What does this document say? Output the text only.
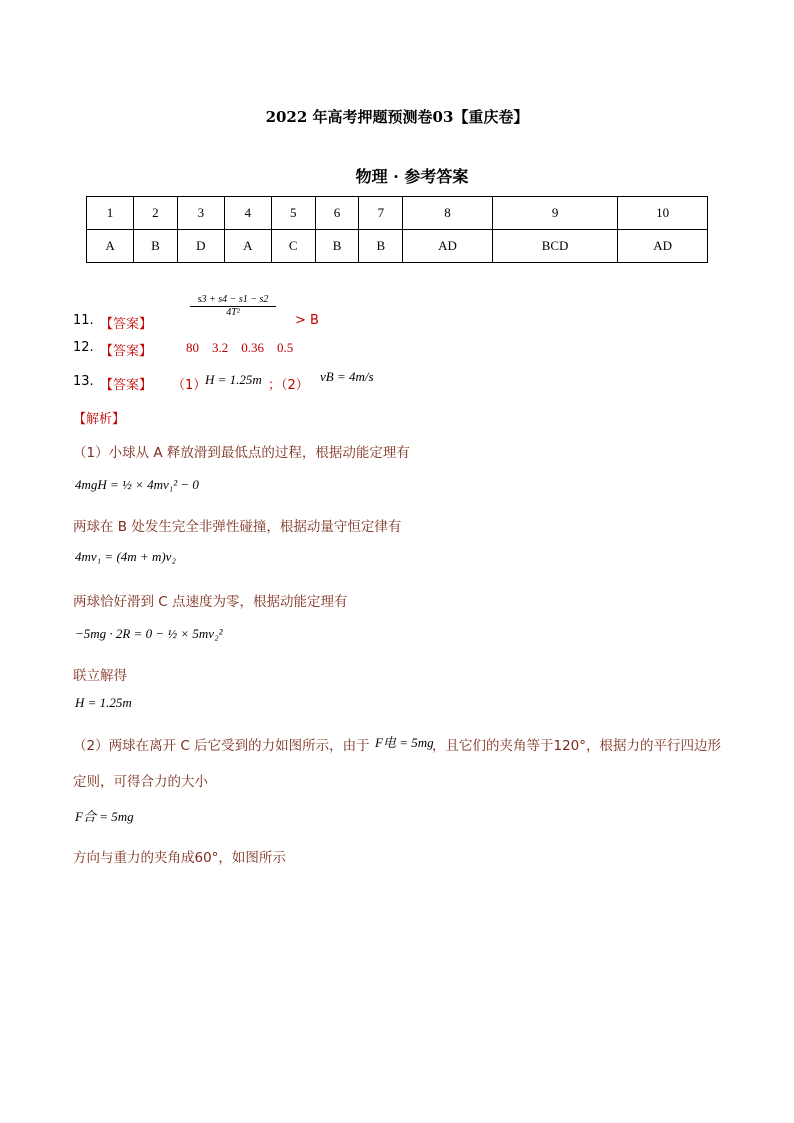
2022 年高考押题预测卷03【重庆卷】
物理 · 参考答案
1	2	3	4	5	6	7	8	9	10
A	B	D	A	C	B	B	AD	BCD	AD
11. 【答案】
$\frac{s3 + s4 - s1 - s2}{\text{4T²}}$
> B
12. 【答案】	80    3.2    0.36    0.5
13. 【答案】 （1）
H = 1.25m ；（2）
vB = 4m/s
【解析】
（1）小球从 A 释放滑到最低点的过程，根据动能定理有
4mgH = ½ × 4mv₁² − 0
两球在 B 处发生完全非弹性碰撞，根据动量守恒定律有
4mv₁ = (4m + m)v₂
两球恰好滑到 C 点速度为零，根据动能定理有
−5mg · 2R = 0 − ½ × 5mv₂²
联立解得
H = 1.25m
（2）两球在离开 C 后它受到的力如图所示，由于 F电 = 5mg
，且它们的夹角等于120°，根据力的平行四边形
定则，可得合力的大小
F合 = 5mg
方向与重力的夹角成60°，如图所示
